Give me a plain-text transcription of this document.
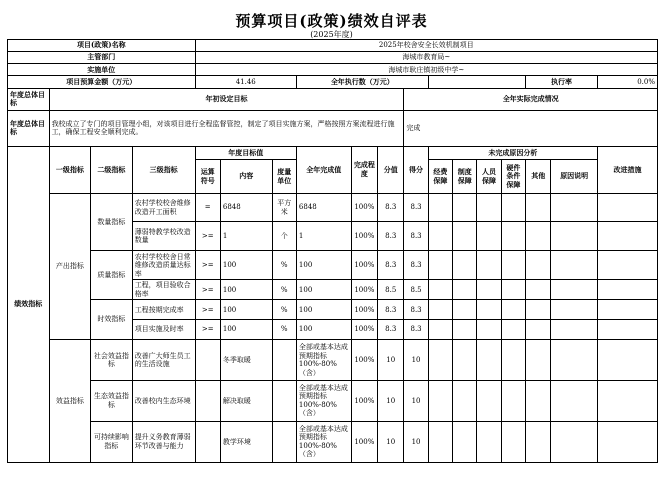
预算项目(政策)绩效自评表
(2025年度)
项目(政策)名称				2025年校舍安全长效机制项目													
主管部门				海城市教育局~													
实施单位				海城市耿庄镇初级中学~													
项目预算金额（万元）				41.46			全年执行数（万元）								执行率		0.0%
年度总体目标	年初设定目标									全年实际完成情况							
年度总体目标	我校成立了专门的项目管理小组，对该项目进行全程监督管控，制定了项目实施方案，严格按照方案流程进行施工，确保工程安全顺利完成。									完成							
绩效指标	一级指标	二级指标	三级指标	年度目标值			全年完成值	完成程度	分值	得分	未完成原因分析						改进措施
				运算符号	内容	度量单位					经费保障	制度保障	人员保障	硬件条件保障	其他	原因说明	
	产出指标	数量指标	农村学校校舍维修改造开工面积	=	6848	平方米	6848	100%	8.3	8.3							
			薄弱特教学校改造数量	>=	1	个	1	100%	8.3	8.3							
		质量指标	农村学校校舍日常维修改造质量达标率	>=	100	%	100	100%	8.3	8.3							
			工程，项目验收合格率	>=	100	%	100	100%	8.5	8.5							
		时效指标	工程按期完成率	>=	100	%	100	100%	8.3	8.3							
			项目实施及时率	>=	100	%	100	100%	8.3	8.3							
	效益指标	社会效益指标	改善广大师生员工的生活设施		冬季取暖		全部或基本达成预期指标100%-80%（含）	100%	10	10							
		生态效益指标	改善校内生态环境		解决取暖		全部或基本达成预期指标100%-80%（含）	100%	10	10							
		可持续影响指标	提升义务教育薄弱环节改善与能力		教学环境		全部或基本达成预期指标100%-80%（含）	100%	10	10							
